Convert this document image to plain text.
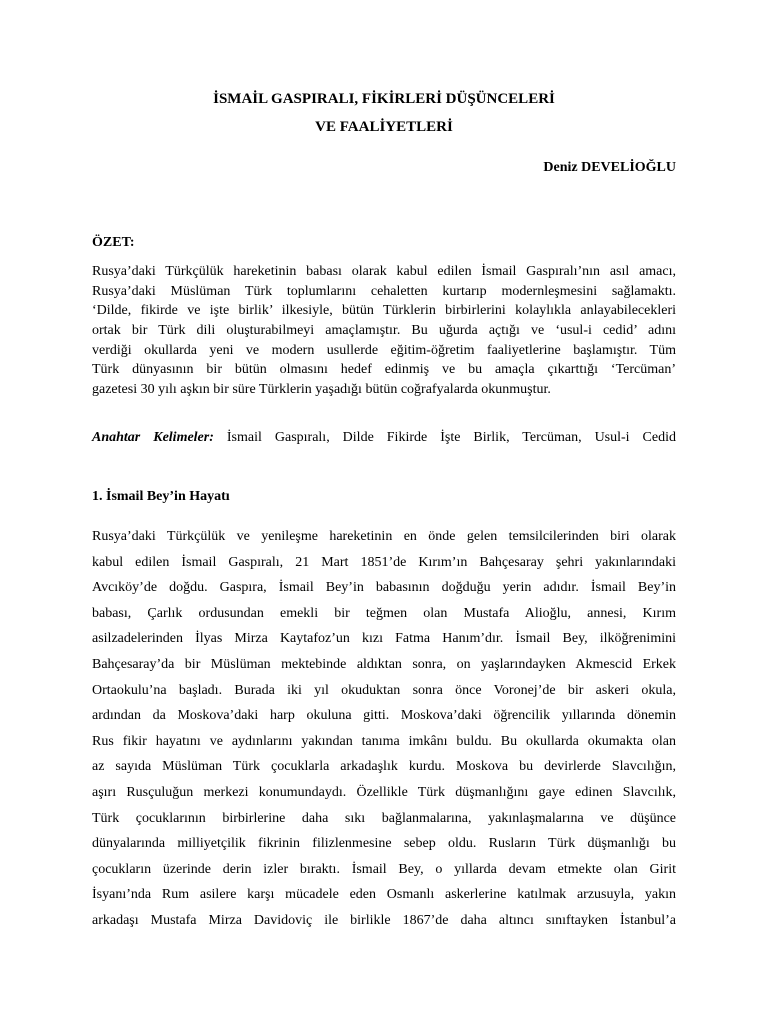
İSMAİL GASPIRALI, FİKİRLERİ DÜŞÜNCELERİ
VE FAALİYETLERİ
Deniz DEVELİOĞLU
ÖZET:
Rusya’daki Türkçülük hareketinin babası olarak kabul edilen İsmail Gaspıralı’nın asıl amacı,
Rusya’daki Müslüman Türk toplumlarını cehaletten kurtarıp modernleşmesini sağlamaktı.
‘Dilde, fikirde ve işte birlik’ ilkesiyle, bütün Türklerin birbirlerini kolaylıkla anlayabilecekleri
ortak bir Türk dili oluşturabilmeyi amaçlamıştır. Bu uğurda açtığı ve ‘usul-i cedid’ adını
verdiği okullarda yeni ve modern usullerde eğitim-öğretim faaliyetlerine başlamıştır. Tüm
Türk dünyasının bir bütün olmasını hedef edinmiş ve bu amaçla çıkarttığı ‘Tercüman’
gazetesi 30 yılı aşkın bir süre Türklerin yaşadığı bütün coğrafyalarda okunmuştur.
Anahtar Kelimeler: İsmail Gaspıralı, Dilde Fikirde İşte Birlik, Tercüman, Usul-i Cedid
1. İsmail Bey’in Hayatı
Rusya’daki Türkçülük ve yenileşme hareketinin en önde gelen temsilcilerinden biri olarak
kabul edilen İsmail Gaspıralı, 21 Mart 1851’de Kırım’ın Bahçesaray şehri yakınlarındaki
Avcıköy’de doğdu. Gaspıra, İsmail Bey’in babasının doğduğu yerin adıdır. İsmail Bey’in
babası, Çarlık ordusundan emekli bir teğmen olan Mustafa Alioğlu, annesi, Kırım
asilzadelerinden İlyas Mirza Kaytafoz’un kızı Fatma Hanım’dır. İsmail Bey, ilköğrenimini
Bahçesaray’da bir Müslüman mektebinde aldıktan sonra, on yaşlarındayken Akmescid Erkek
Ortaokulu’na başladı. Burada iki yıl okuduktan sonra önce Voronej’de bir askeri okula,
ardından da Moskova’daki harp okuluna gitti. Moskova’daki öğrencilik yıllarında dönemin
Rus fikir hayatını ve aydınlarını yakından tanıma imkânı buldu. Bu okullarda okumakta olan
az sayıda Müslüman Türk çocuklarla arkadaşlık kurdu. Moskova bu devirlerde Slavcılığın,
aşırı Rusçuluğun merkezi konumundaydı. Özellikle Türk düşmanlığını gaye edinen Slavcılık,
Türk çocuklarının birbirlerine daha sıkı bağlanmalarına, yakınlaşmalarına ve düşünce
dünyalarında milliyetçilik fikrinin filizlenmesine sebep oldu. Rusların Türk düşmanlığı bu
çocukların üzerinde derin izler bıraktı. İsmail Bey, o yıllarda devam etmekte olan Girit
İsyanı’nda Rum asilere karşı mücadele eden Osmanlı askerlerine katılmak arzusuyla, yakın
arkadaşı Mustafa Mirza Davidoviç ile birlikle 1867’de daha altıncı sınıftayken İstanbul’a
